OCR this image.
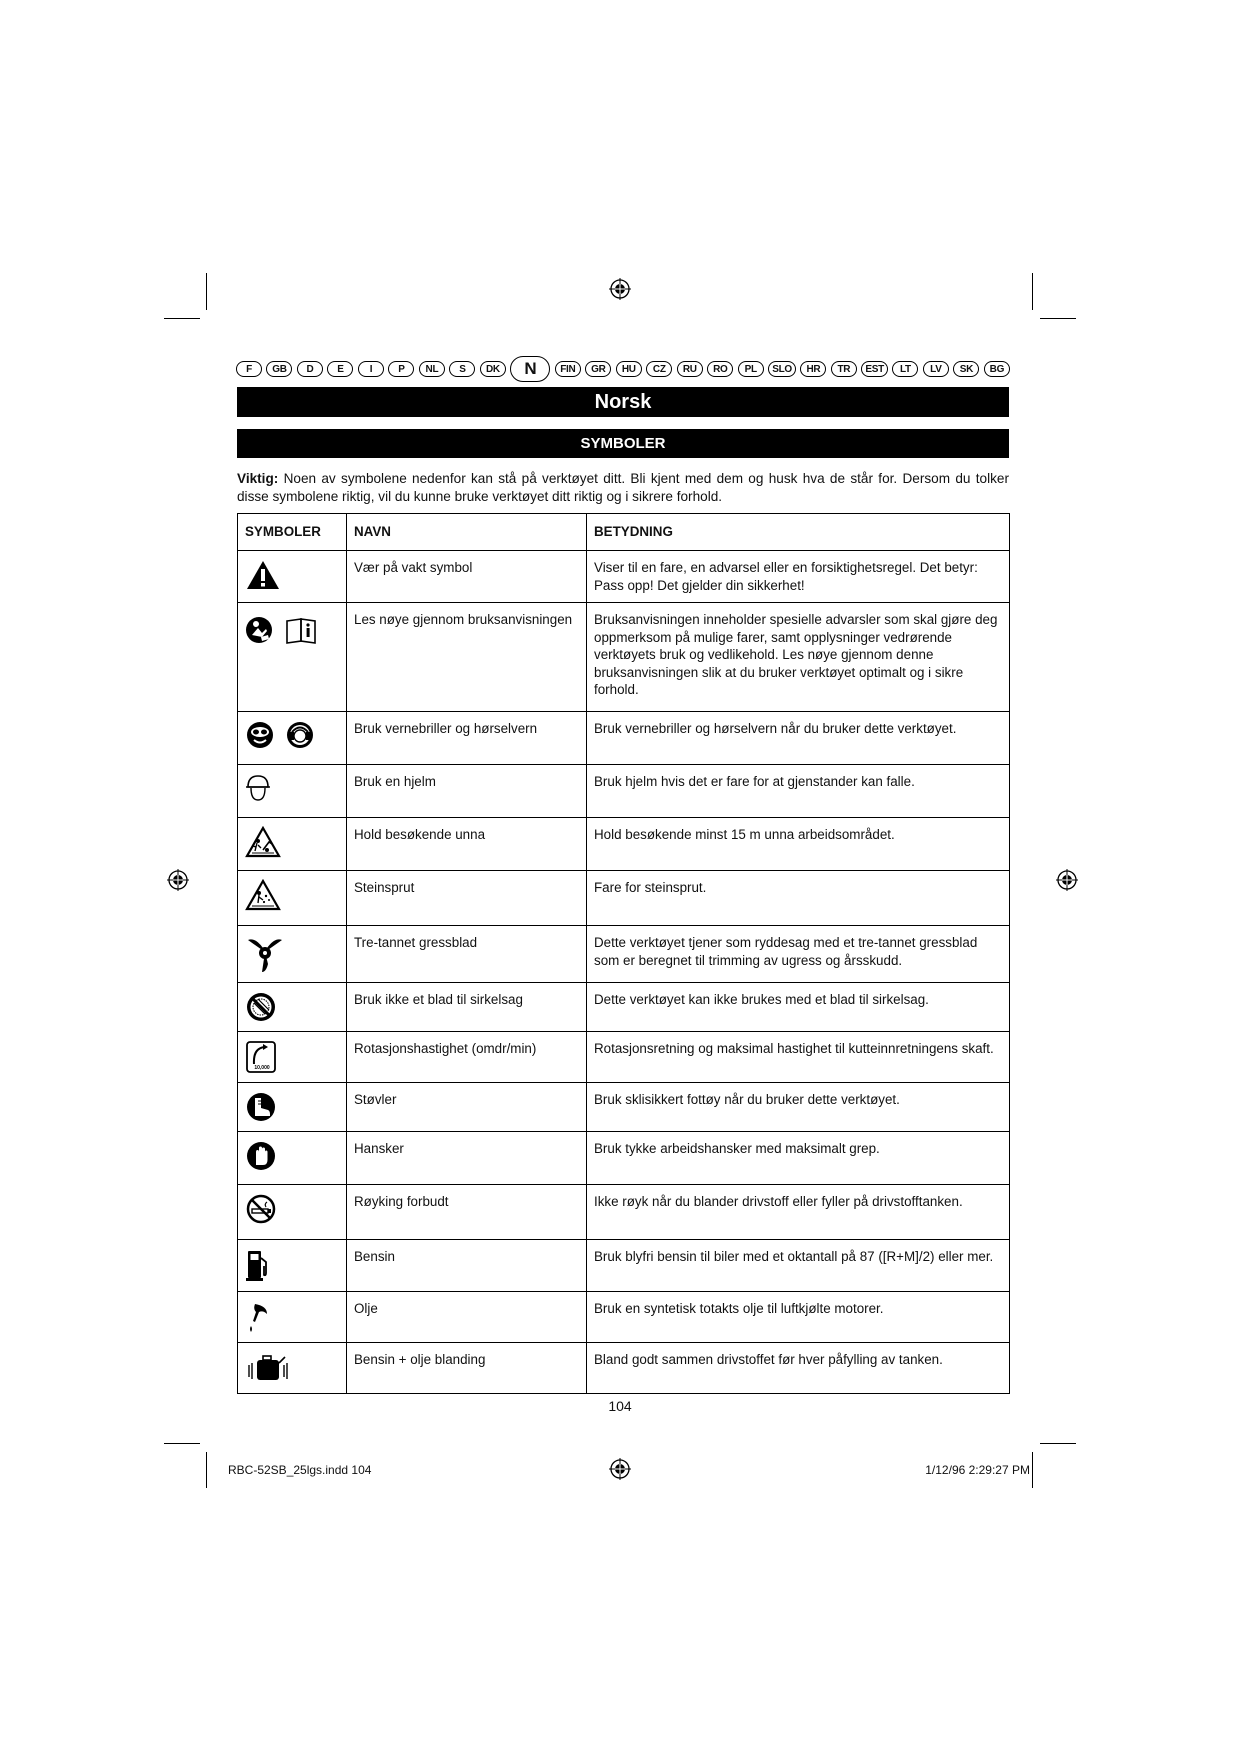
F	GB	D	E	I	P	NL	S	DK	N	FIN	GR	HU	CZ	RU	RO	PL	SLO	HR	TR	EST	LT	LV	SK	BG
Norsk
SYMBOLER
Viktig: Noen av symbolene nedenfor kan stå på verktøyet ditt. Bli kjent med dem og husk hva de står for. Dersom du tolker disse symbolene riktig, vil du kunne bruke verktøyet ditt riktig og i sikrere forhold.
SYMBOLER	NAVN	BETYDNING
	Vær på vakt symbol	Viser til en fare, en advarsel eller en forsiktighetsregel. Det betyr: Pass opp! Det gjelder din sikkerhet!
	Les nøye gjennom bruksanvisningen	Bruksanvisningen inneholder spesielle advarsler som skal gjøre deg oppmerksom på mulige farer, samt opplysninger vedrørende verktøyets bruk og vedlikehold. Les nøye gjennom denne bruksanvisningen slik at du bruker verktøyet optimalt og i sikre forhold.
	Bruk vernebriller og hørselvern	Bruk vernebriller og hørselvern når du bruker dette verktøyet.
	Bruk en hjelm	Bruk hjelm hvis det er fare for at gjenstander kan falle.
	Hold besøkende unna	Hold besøkende minst 15 m unna arbeidsområdet.
	Steinsprut	Fare for steinsprut.
	Tre-tannet gressblad	Dette verktøyet tjener som ryddesag med et tre-tannet gressblad som er beregnet til trimming av ugress og årsskudd.
	Bruk ikke et blad til sirkelsag	Dette verktøyet kan ikke brukes med et blad til sirkelsag.

10,000	Rotasjonshastighet (omdr/min)	Rotasjonsretning og maksimal hastighet til kutteinnretningens skaft.
	Støvler	Bruk sklisikkert fottøy når du bruker dette verktøyet.
	Hansker	Bruk tykke arbeidshansker med maksimalt grep.
	Røyking forbudt	Ikke røyk når du blander drivstoff eller fyller på drivstofftanken.
	Bensin	Bruk blyfri bensin til biler med et oktantall på 87 ([R+M]/2) eller mer.
	Olje	Bruk en syntetisk totakts olje til luftkjølte motorer.
	Bensin + olje blanding	Bland godt sammen drivstoffet før hver påfylling av tanken.
104
RBC-52SB_25lgs.indd 104	1/12/96 2:29:27 PM
